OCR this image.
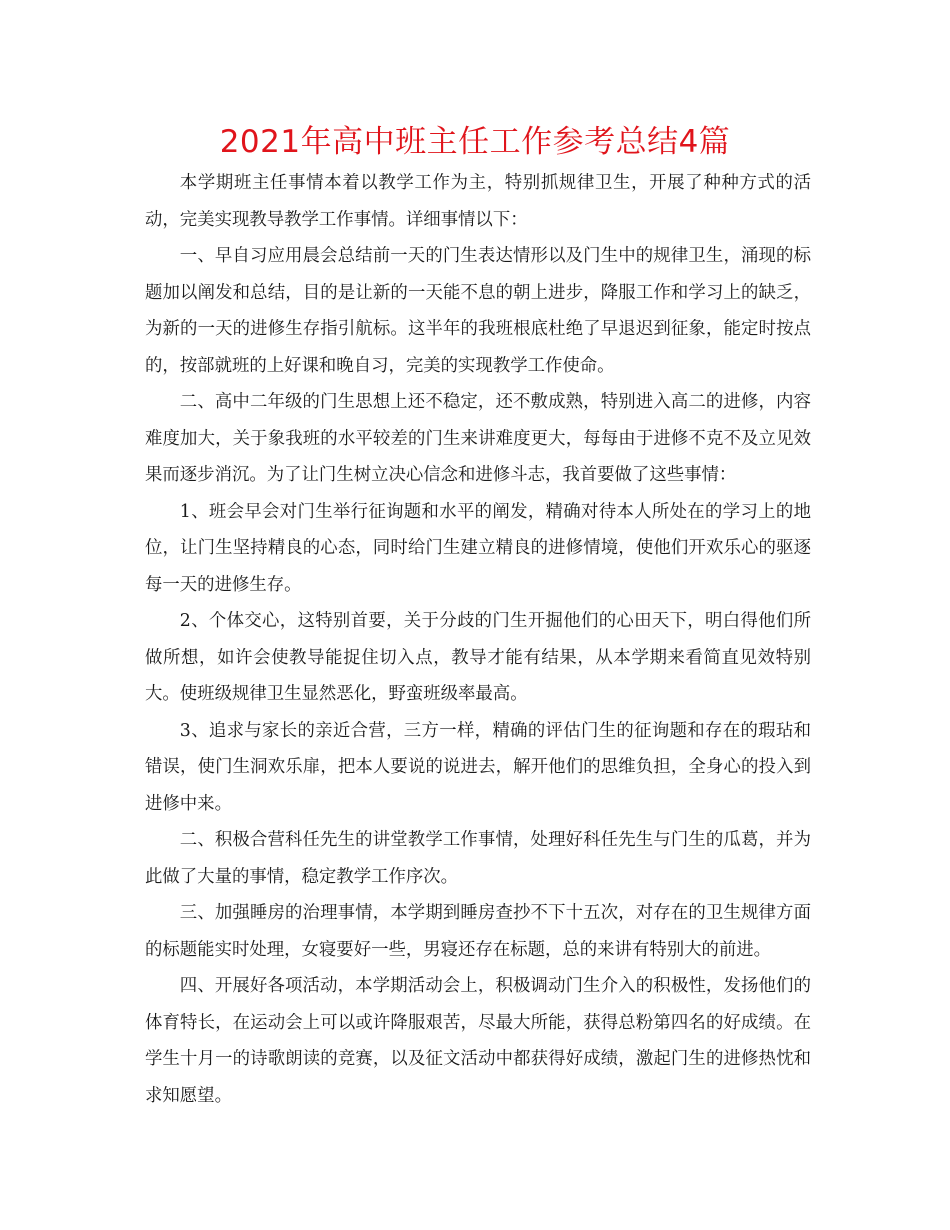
2021年高中班主任工作参考总结4篇

本学期班主任事情本着以教学工作为主，特别抓规律卫生，开展了种种方式的活动，完美实现教导教学工作事情。详细事情以下：

一、早自习应用晨会总结前一天的门生表达情形以及门生中的规律卫生，涌现的标题加以阐发和总结，目的是让新的一天能不息的朝上进步，降服工作和学习上的缺乏，为新的一天的进修生存指引航标。这半年的我班根底杜绝了早退迟到征象，能定时按点的，按部就班的上好课和晚自习，完美的实现教学工作使命。

二、高中二年级的门生思想上还不稳定，还不敷成熟，特别进入高二的进修，内容难度加大，关于象我班的水平较差的门生来讲难度更大，每每由于进修不克不及立见效果而逐步消沉。为了让门生树立决心信念和进修斗志，我首要做了这些事情：

1、班会早会对门生举行征询题和水平的阐发，精确对待本人所处在的学习上的地位，让门生坚持精良的心态，同时给门生建立精良的进修情境，使他们开欢乐心的驱逐每一天的进修生存。

2、个体交心，这特别首要，关于分歧的门生开掘他们的心田天下，明白得他们所做所想，如许会使教导能捉住切入点，教导才能有结果，从本学期来看简直见效特别大。使班级规律卫生显然恶化，野蛮班级率最高。

3、追求与家长的亲近合营，三方一样，精确的评估门生的征询题和存在的瑕玷和错误，使门生洞欢乐扉，把本人要说的说进去，解开他们的思维负担，全身心的投入到进修中来。

二、积极合营科任先生的讲堂教学工作事情，处理好科任先生与门生的瓜葛，并为此做了大量的事情，稳定教学工作序次。

三、加强睡房的治理事情，本学期到睡房查抄不下十五次，对存在的卫生规律方面的标题能实时处理，女寝要好一些，男寝还存在标题，总的来讲有特别大的前进。

四、开展好各项活动，本学期活动会上，积极调动门生介入的积极性，发扬他们的体育特长，在运动会上可以或许降服艰苦，尽最大所能，获得总粉第四名的好成绩。在学生十月一的诗歌朗读的竞赛，以及征文活动中都获得好成绩，激起门生的进修热忱和求知愿望。
